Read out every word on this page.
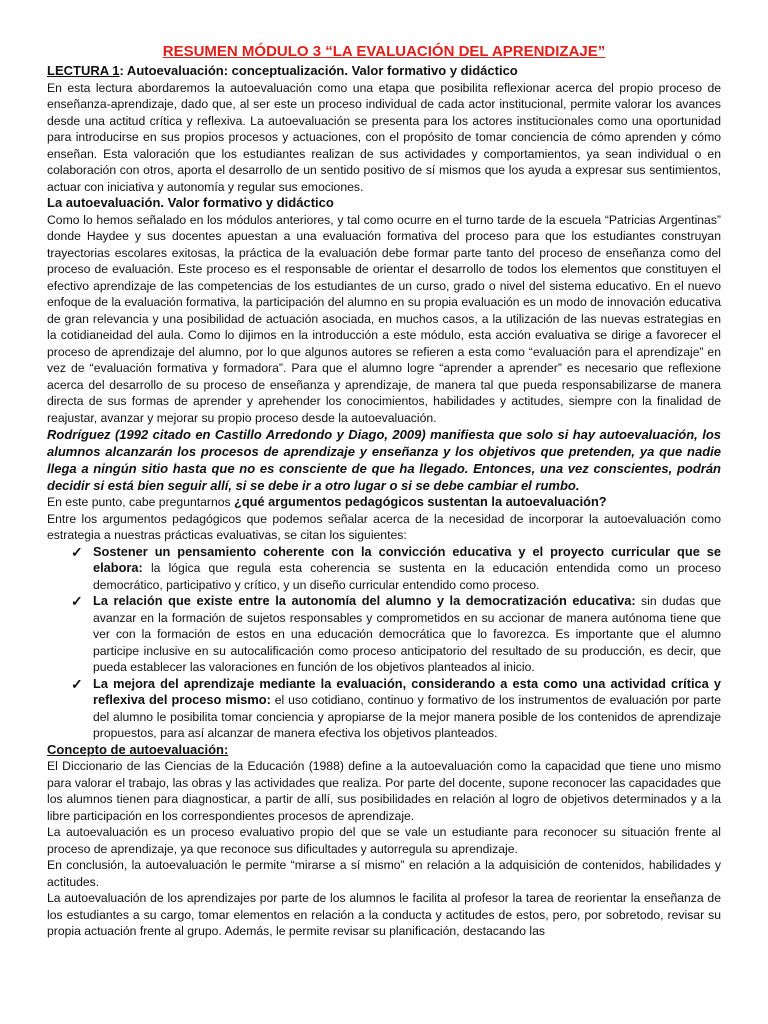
RESUMEN MÓDULO 3 “LA EVALUACIÓN DEL APRENDIZAJE”
LECTURA 1: Autoevaluación: conceptualización. Valor formativo y didáctico

En esta lectura abordaremos la autoevaluación como una etapa que posibilita reflexionar acerca del propio proceso de enseñanza-aprendizaje, dado que, al ser este un proceso individual de cada actor institucional, permite valorar los avances desde una actitud crítica y reflexiva. La autoevaluación se presenta para los actores institucionales como una oportunidad para introducirse en sus propios procesos y actuaciones, con el propósito de tomar conciencia de cómo aprenden y cómo enseñan. Esta valoración que los estudiantes realizan de sus actividades y comportamientos, ya sean individual o en colaboración con otros, aporta el desarrollo de un sentido positivo de sí mismos que los ayuda a expresar sus sentimientos, actuar con iniciativa y autonomía y regular sus emociones.

La autoevaluación. Valor formativo y didáctico

Como lo hemos señalado en los módulos anteriores, y tal como ocurre en el turno tarde de la escuela “Patricias Argentinas” donde Haydee y sus docentes apuestan a una evaluación formativa del proceso para que los estudiantes construyan trayectorias escolares exitosas, la práctica de la evaluación debe formar parte tanto del proceso de enseñanza como del proceso de evaluación. Este proceso es el responsable de orientar el desarrollo de todos los elementos que constituyen el efectivo aprendizaje de las competencias de los estudiantes de un curso, grado o nivel del sistema educativo. En el nuevo enfoque de la evaluación formativa, la participación del alumno en su propia evaluación es un modo de innovación educativa de gran relevancia y una posibilidad de actuación asociada, en muchos casos, a la utilización de las nuevas estrategias en la cotidianeidad del aula. Como lo dijimos en la introducción a este módulo, esta acción evaluativa se dirige a favorecer el proceso de aprendizaje del alumno, por lo que algunos autores se refieren a esta como “evaluación para el aprendizaje” en vez de “evaluación formativa y formadora”. Para que el alumno logre “aprender a aprender” es necesario que reflexione acerca del desarrollo de su proceso de enseñanza y aprendizaje, de manera tal que pueda responsabilizarse de manera directa de sus formas de aprender y aprehender los conocimientos, habilidades y actitudes, siempre con la finalidad de reajustar, avanzar y mejorar su propio proceso desde la autoevaluación.

Rodríguez (1992 citado en Castillo Arredondo y Diago, 2009) manifiesta que solo si hay autoevaluación, los alumnos alcanzarán los procesos de aprendizaje y enseñanza y los objetivos que pretenden, ya que nadie llega a ningún sitio hasta que no es consciente de que ha llegado. Entonces, una vez conscientes, podrán decidir si está bien seguir allí, si se debe ir a otro lugar o si se debe cambiar el rumbo.

En este punto, cabe preguntarnos ¿qué argumentos pedagógicos sustentan la autoevaluación?

Entre los argumentos pedagógicos que podemos señalar acerca de la necesidad de incorporar la autoevaluación como estrategia a nuestras prácticas evaluativas, se citan los siguientes:

✓ Sostener un pensamiento coherente con la convicción educativa y el proyecto curricular que se elabora: la lógica que regula esta coherencia se sustenta en la educación entendida como un proceso democrático, participativo y crítico, y un diseño curricular entendido como proceso.
✓ La relación que existe entre la autonomía del alumno y la democratización educativa: sin dudas que avanzar en la formación de sujetos responsables y comprometidos en su accionar de manera autónoma tiene que ver con la formación de estos en una educación democrática que lo favorezca. Es importante que el alumno participe inclusive en su autocalificación como proceso anticipatorio del resultado de su producción, es decir, que pueda establecer las valoraciones en función de los objetivos planteados al inicio.
✓ La mejora del aprendizaje mediante la evaluación, considerando a esta como una actividad crítica y reflexiva del proceso mismo: el uso cotidiano, continuo y formativo de los instrumentos de evaluación por parte del alumno le posibilita tomar conciencia y apropiarse de la mejor manera posible de los contenidos de aprendizaje propuestos, para así alcanzar de manera efectiva los objetivos planteados.
Concepto de autoevaluación:

El Diccionario de las Ciencias de la Educación (1988) define a la autoevaluación como la capacidad que tiene uno mismo para valorar el trabajo, las obras y las actividades que realiza. Por parte del docente, supone reconocer las capacidades que los alumnos tienen para diagnosticar, a partir de allí, sus posibilidades en relación al logro de objetivos determinados y a la libre participación en los correspondientes procesos de aprendizaje.

La autoevaluación es un proceso evaluativo propio del que se vale un estudiante para reconocer su situación frente al proceso de aprendizaje, ya que reconoce sus dificultades y autorregula su aprendizaje.

En conclusión, la autoevaluación le permite “mirarse a sí mismo” en relación a la adquisición de contenidos, habilidades y actitudes.

La autoevaluación de los aprendizajes por parte de los alumnos le facilita al profesor la tarea de reorientar la enseñanza de los estudiantes a su cargo, tomar elementos en relación a la conducta y actitudes de estos, pero, por sobretodo, revisar su propia actuación frente al grupo. Además, le permite revisar su planificación, destacando las
